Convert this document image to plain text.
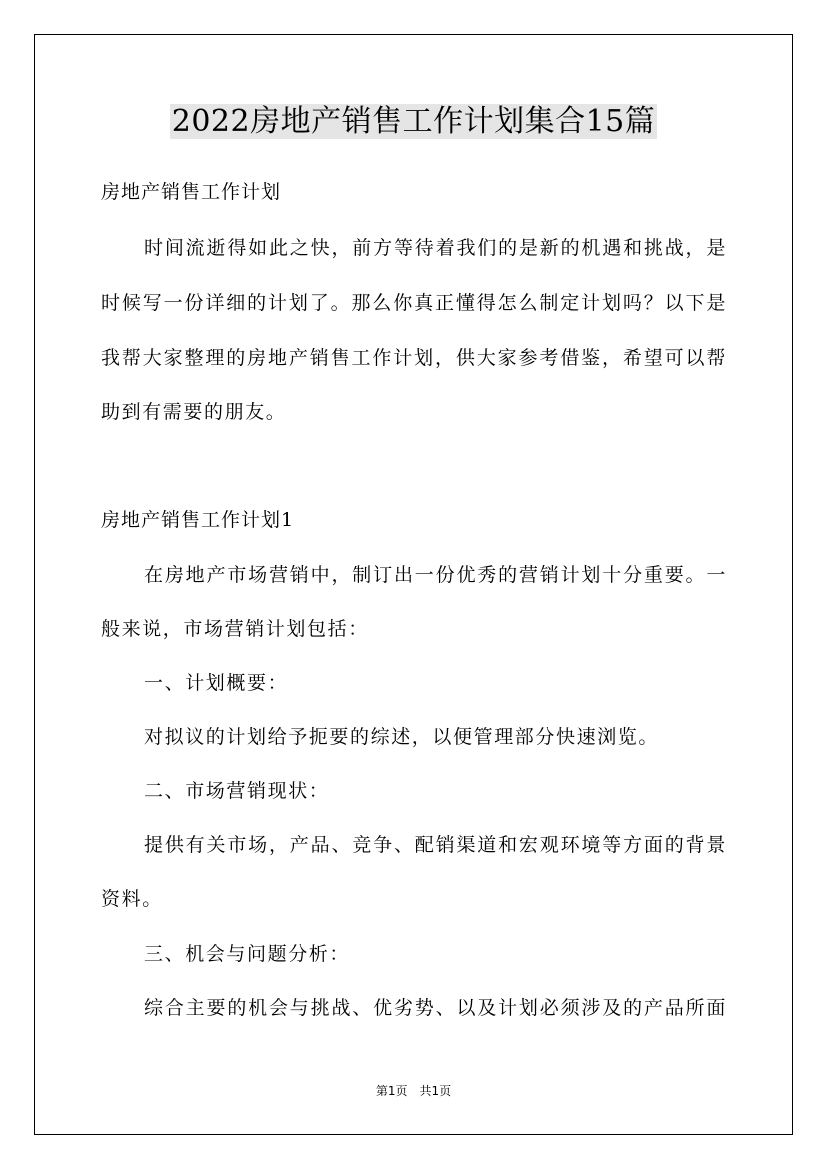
2022房地产销售工作计划集合15篇
房地产销售工作计划
时间流逝得如此之快，前方等待着我们的是新的机遇和挑战，是
时候写一份详细的计划了。那么你真正懂得怎么制定计划吗？以下是
我帮大家整理的房地产销售工作计划，供大家参考借鉴，希望可以帮
助到有需要的朋友。
房地产销售工作计划1
在房地产市场营销中，制订出一份优秀的营销计划十分重要。一
般来说，市场营销计划包括：
一、计划概要：
对拟议的计划给予扼要的综述，以便管理部分快速浏览。
二、市场营销现状：
提供有关市场，产品、竞争、配销渠道和宏观环境等方面的背景
资料。
三、机会与问题分析：
综合主要的机会与挑战、优劣势、以及计划必须涉及的产品所面
第1页　共1页
